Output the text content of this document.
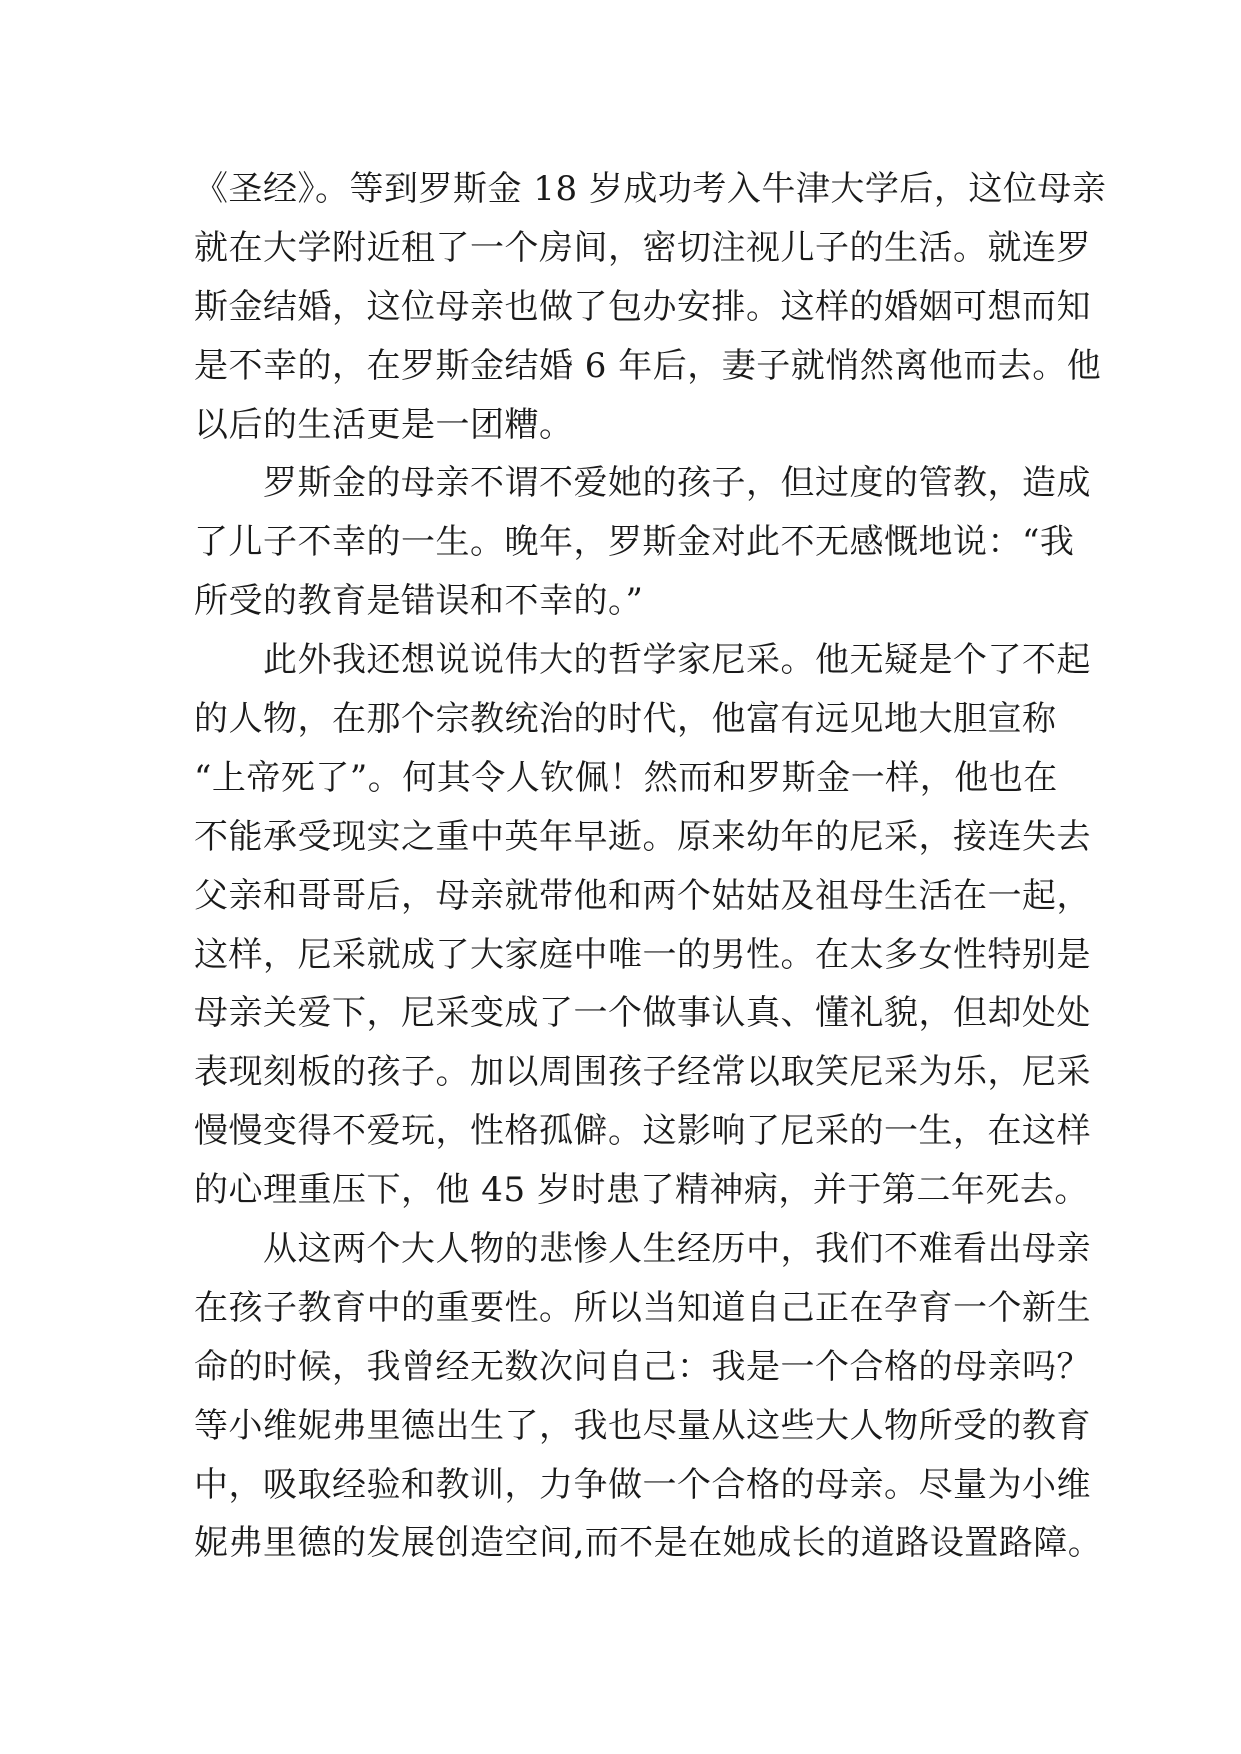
《圣经》。等到罗斯金 18 岁成功考入牛津大学后，这位母亲
就在大学附近租了一个房间，密切注视儿子的生活。就连罗
斯金结婚，这位母亲也做了包办安排。这样的婚姻可想而知
是不幸的，在罗斯金结婚 6 年后，妻子就悄然离他而去。他
以后的生活更是一团糟。
　　罗斯金的母亲不谓不爱她的孩子，但过度的管教，造成
了儿子不幸的一生。晚年，罗斯金对此不无感慨地说：“我
所受的教育是错误和不幸的。”
　　此外我还想说说伟大的哲学家尼采。他无疑是个了不起
的人物，在那个宗教统治的时代，他富有远见地大胆宣称
“上帝死了”。何其令人钦佩！然而和罗斯金一样，他也在
不能承受现实之重中英年早逝。原来幼年的尼采，接连失去
父亲和哥哥后，母亲就带他和两个姑姑及祖母生活在一起，
这样，尼采就成了大家庭中唯一的男性。在太多女性特别是
母亲关爱下，尼采变成了一个做事认真、懂礼貌，但却处处
表现刻板的孩子。加以周围孩子经常以取笑尼采为乐，尼采
慢慢变得不爱玩，性格孤僻。这影响了尼采的一生，在这样
的心理重压下，他 45 岁时患了精神病，并于第二年死去。
　　从这两个大人物的悲惨人生经历中，我们不难看出母亲
在孩子教育中的重要性。所以当知道自己正在孕育一个新生
命的时候，我曾经无数次问自己：我是一个合格的母亲吗？
等小维妮弗里德出生了，我也尽量从这些大人物所受的教育
中，吸取经验和教训，力争做一个合格的母亲。尽量为小维
妮弗里德的发展创造空间,而不是在她成长的道路设置路障。
